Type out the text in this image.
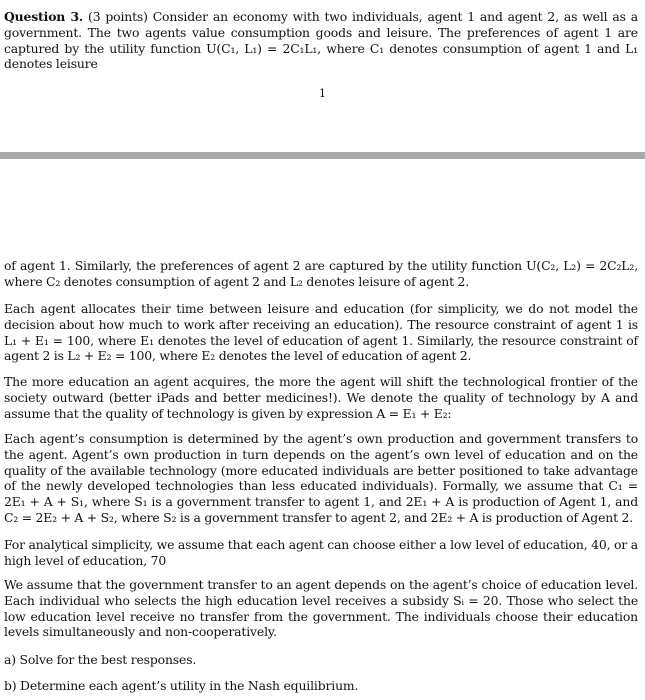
Question 3. (3 points) Consider an economy with two individuals, agent 1 and agent 2, as well as a government. The two agents value consumption goods and leisure. The preferences of agent 1 are captured by the utility function U(C₁, L₁) = 2C₁L₁, where C₁ denotes consumption of agent 1 and L₁ denotes leisure

1

of agent 1. Similarly, the preferences of agent 2 are captured by the utility function U(C₂, L₂) = 2C₂L₂, where C₂ denotes consumption of agent 2 and L₂ denotes leisure of agent 2.

Each agent allocates their time between leisure and education (for simplicity, we do not model the decision about how much to work after receiving an education). The resource constraint of agent 1 is L₁ + E₁ = 100, where E₁ denotes the level of education of agent 1. Similarly, the resource constraint of agent 2 is L₂ + E₂ = 100, where E₂ denotes the level of education of agent 2.

The more education an agent acquires, the more the agent will shift the technological frontier of the society outward (better iPads and better medicines!). We denote the quality of technology by A and assume that the quality of technology is given by expression A = E₁ + E₂:

Each agent’s consumption is determined by the agent’s own production and government transfers to the agent. Agent’s own production in turn depends on the agent’s own level of education and on the quality of the available technology (more educated individuals are better positioned to take advantage of the newly developed technologies than less educated individuals). Formally, we assume that C₁ = 2E₁ + A + S₁, where S₁ is a government transfer to agent 1, and 2E₁ + A is production of Agent 1, and C₂ = 2E₂ + A + S₂, where S₂ is a government transfer to agent 2, and 2E₂ + A is production of Agent 2.

For analytical simplicity, we assume that each agent can choose either a low level of education, 40, or a high level of education, 70

We assume that the government transfer to an agent depends on the agent’s choice of education level. Each individual who selects the high education level receives a subsidy Sᵢ = 20. Those who select the low education level receive no transfer from the government. The individuals choose their education levels simultaneously and non-cooperatively.

a) Solve for the best responses.

b) Determine each agent’s utility in the Nash equilibrium.
